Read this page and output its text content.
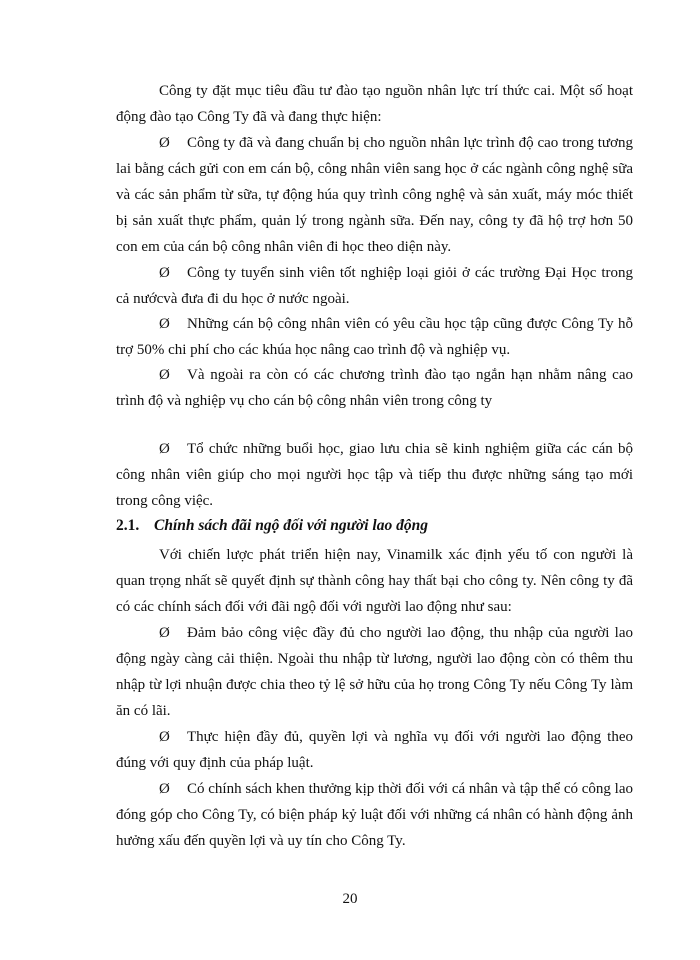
Công ty đặt mục tiêu đầu tư đào tạo nguồn nhân lực trí thức cai. Một số hoạt động đào tạo Công Ty đã và đang thực hiện:

Ø Công ty đã và đang chuẩn bị cho nguồn nhân lực trình độ cao trong tương lai bằng cách gửi con em cán bộ, công nhân viên sang học ở các ngành công nghệ sữa và các sản phẩm từ sữa, tự động húa quy trình công nghệ và sản xuất, máy móc thiết bị sản xuất thực phẩm, quản lý trong ngành sữa. Đến nay, công ty đã hộ trợ hơn 50 con em của cán bộ công nhân viên đi học theo diện này.

Ø Công ty tuyển sinh viên tốt nghiệp loại giỏi ở các trường Đại Học trong cả nướcvà đưa đi du học ở nước ngoài.

Ø Những cán bộ công nhân viên có yêu cầu học tập cũng được Công Ty hỗ trợ 50% chi phí cho các khúa học nâng cao trình độ và nghiệp vụ.

Ø Và ngoài ra còn có các chương trình đào tạo ngắn hạn nhằm nâng cao trình độ và nghiệp vụ cho cán bộ công nhân viên trong công ty

Ø Tổ chức những buổi học, giao lưu chia sẽ kinh nghiệm giữa các cán bộ công nhân viên giúp cho mọi người học tập và tiếp thu được những sáng tạo mới trong công việc.

2.1. Chính sách đãi ngộ đối với người lao động

Với chiến lược phát triển hiện nay, Vinamilk xác định yếu tố con người là quan trọng nhất sẽ quyết định sự thành công hay thất bại cho công ty. Nên công ty đã có các chính sách đối với đãi ngộ đối với người lao động như sau:

Ø Đảm bảo công việc đầy đủ cho người lao động, thu nhập của người lao động ngày càng cải thiện. Ngoài thu nhập từ lương, người lao động còn có thêm thu nhập từ lợi nhuận được chia theo tỷ lệ sở hữu của họ trong Công Ty nếu Công Ty làm ăn có lãi.

Ø Thực hiện đầy đủ, quyền lợi và nghĩa vụ đối với người lao động theo đúng với quy định của pháp luật.

Ø Có chính sách khen thưởng kịp thời đối với cá nhân và tập thể có công lao đóng góp cho Công Ty, có biện pháp kỷ luật đối với những cá nhân có hành động ảnh hưởng xấu đến quyền lợi và uy tín cho Công Ty.

20
